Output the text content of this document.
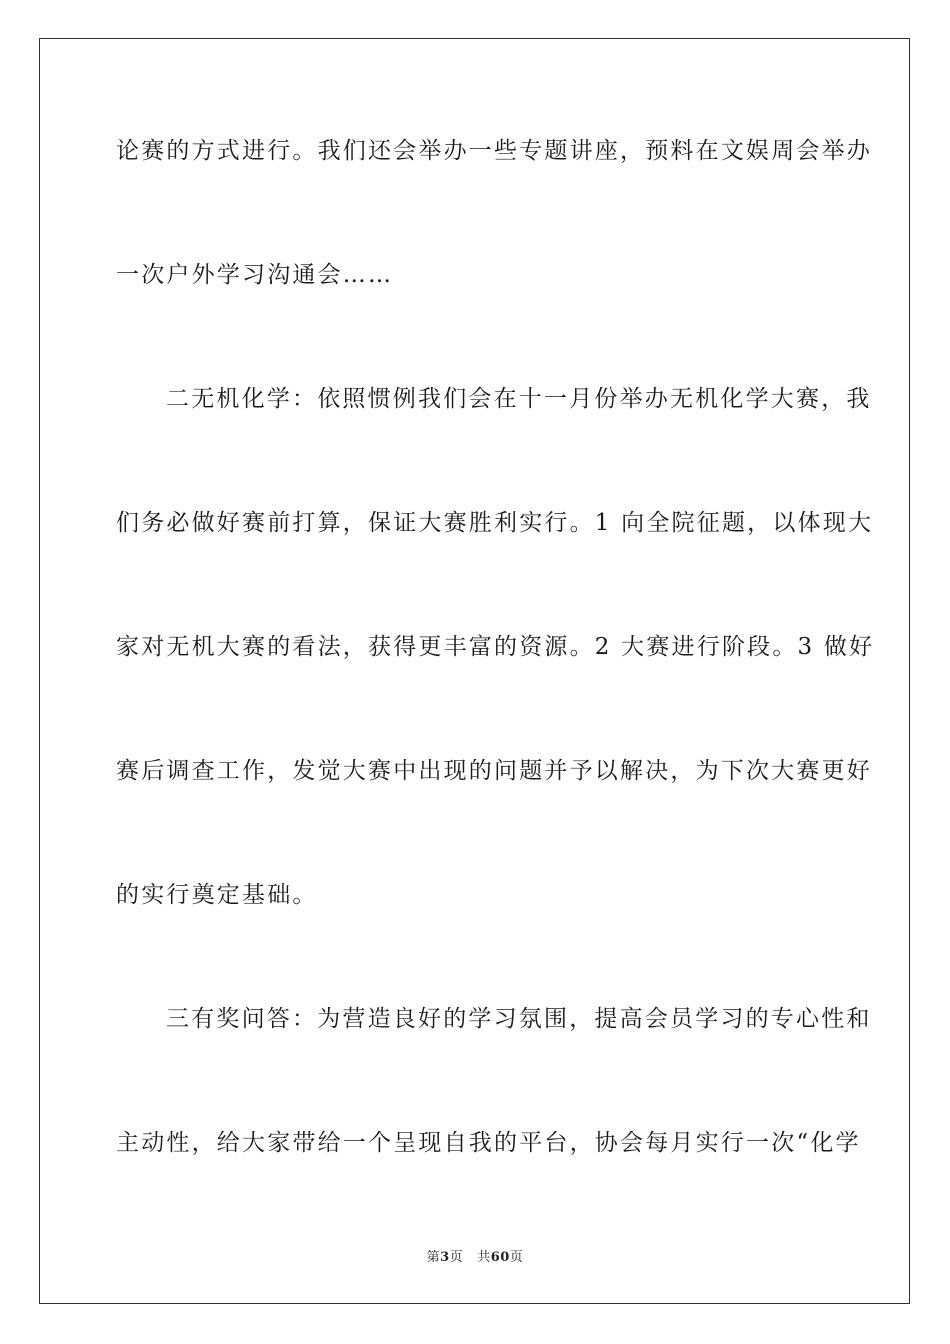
论赛的方式进行。我们还会举办一些专题讲座，预料在文娱周会举办
一次户外学习沟通会……
二无机化学：依照惯例我们会在十一月份举办无机化学大赛，我
们务必做好赛前打算，保证大赛胜利实行。1 向全院征题，以体现大
家对无机大赛的看法，获得更丰富的资源。2 大赛进行阶段。3 做好
赛后调查工作，发觉大赛中出现的问题并予以解决，为下次大赛更好
的实行奠定基础。
三有奖问答：为营造良好的学习氛围，提高会员学习的专心性和
主动性，给大家带给一个呈现自我的平台，协会每月实行一次“化学
第3页 共60页
